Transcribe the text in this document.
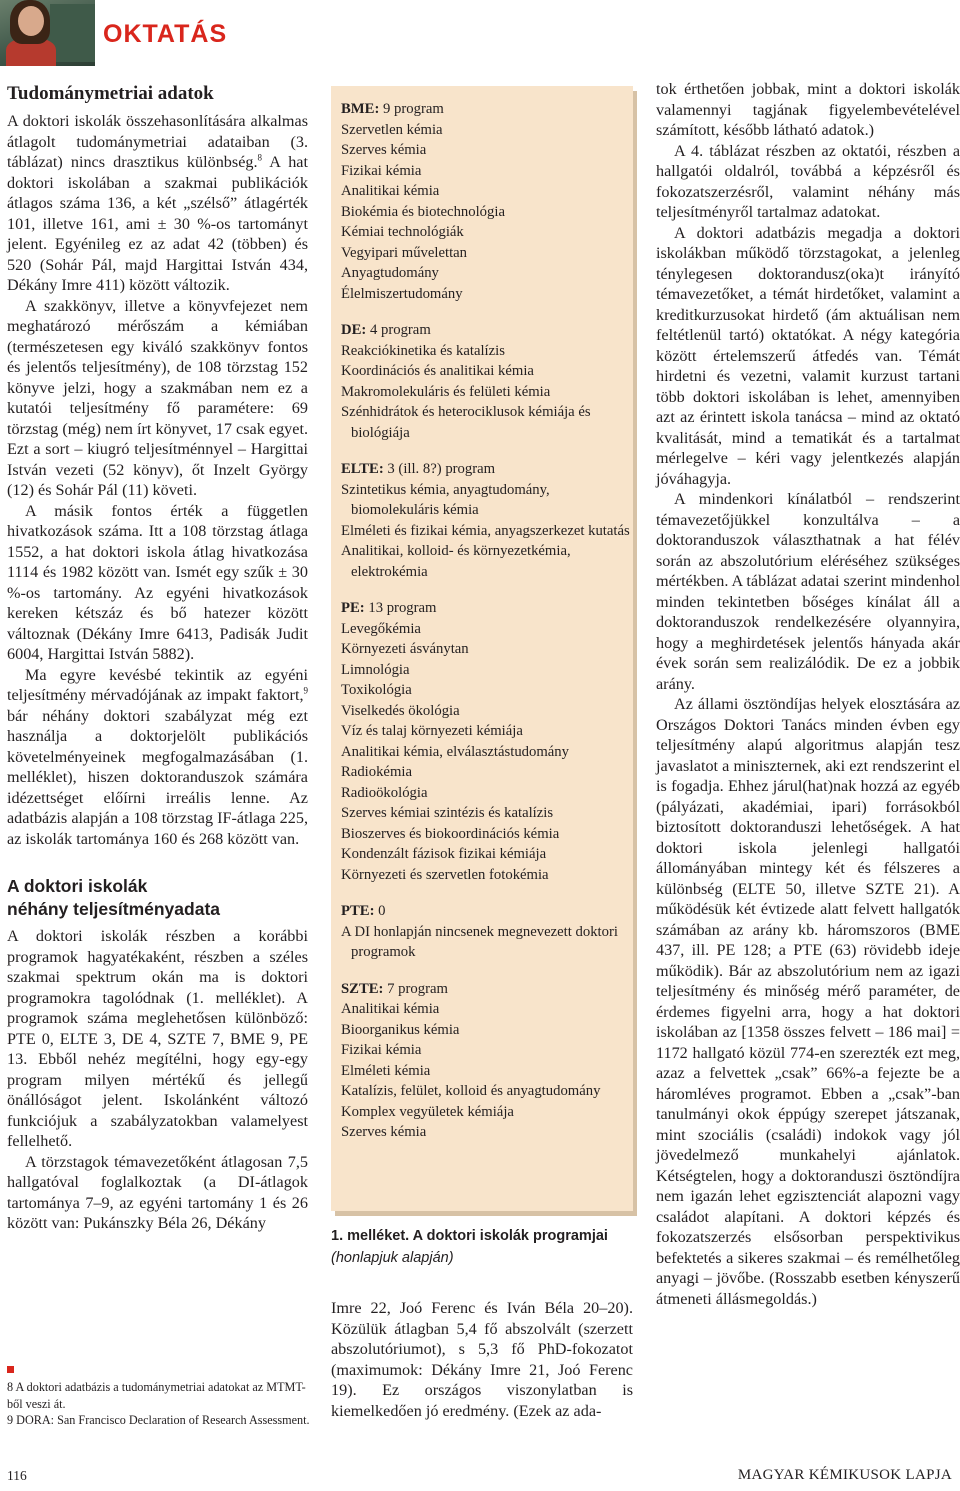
OKTATÁS
Tudománymetriai adatok

A doktori iskolák összehasonlítására alkalmas átlagolt tudománymetriai adataiban (3. táblázat) nincs drasztikus különbség.$^8$ A hat doktori iskolában a szakmai publikációk átlagos száma 136, a két „szélső” átlagérték 101, illetve 161, ami ± 30 %-os tartományt jelent. Egyénileg ez az adat 42 (többen) és 520 (Sohár Pál, majd Hargittai István 434, Dékány Imre 411) között változik.

A szakkönyv, illetve a könyvfejezet nem meghatározó mérőszám a kémiában (természetesen egy kiváló szakkönyv fontos és jelentős teljesítmény), de 108 törzstag 152 könyve jelzi, hogy a szakmában nem ez a kutatói teljesítmény fő paramétere: 69 törzstag (még) nem írt könyvet, 17 csak egyet. Ezt a sort – kiugró teljesítménnyel – Hargittai István vezeti (52 könyv), őt Inzelt György (12) és Sohár Pál (11) követi.

A másik fontos érték a független hivatkozások száma. Itt a 108 törzstag átlaga 1552, a hat doktori iskola átlag hivatkozása 1114 és 1982 között van. Ismét egy szűk ± 30 %-os tartomány. Az egyéni hivatkozások kereken kétszáz és bő hatezer között változnak (Dékány Imre 6413, Padisák Judit 6004, Hargittai István 5882).

Ma egyre kevésbé tekintik az egyéni teljesítmény mérvadójának az impakt faktort,$^9$ bár néhány doktori szabályzat még ezt használja a doktorjelölt publikációs követelményeinek megfogalmazásában (1. melléklet), hiszen doktoranduszok számára idézettséget előírni irreális lenne. Az adatbázis alapján a 108 törzstag IF-átlaga 225, az iskolák tartománya 160 és 268 között van.

A doktori iskolák
néhány teljesítményadata

A doktori iskolák részben a korábbi programok hagyatékaként, részben a széles szakmai spektrum okán ma is doktori programokra tagolódnak (1. melléklet). A programok száma meglehetősen különböző: PTE 0, ELTE 3, DE 4, SZTE 7, BME 9, PE 13. Ebből nehéz megítélni, hogy egy-egy program milyen mértékű és jellegű önállóságot jelent. Iskolánként változó funkciójuk a szabályzatokban valamelyest fellelhető.

A törzstagok témavezetőként átlagosan 7,5 hallgatóval foglalkoztak (a DI-átlagok tartománya 7–9, az egyéni tartomány 1 és 26 között van: Pukánszky Béla 26, Dékány

BME: 9 program
Szervetlen kémia
Szerves kémia
Fizikai kémia
Analitikai kémia
Biokémia és biotechnológia
Kémiai technológiák
Vegyipari művelettan
Anyagtudomány
Élelmiszertudomány
DE: 4 program
Reakciókinetika és katalízis
Koordinációs és analitikai kémia
Makromolekuláris és felületi kémia
Szénhidrátok és heterociklusok kémiája és biológiája
ELTE: 3 (ill. 8?) program
Szintetikus kémia, anyagtudomány, biomolekuláris kémia
Elméleti és fizikai kémia, anyagszerkezet kutatás
Analitikai, kolloid- és környezetkémia, elektrokémia
PE: 13 program
Levegőkémia
Környezeti ásványtan
Limnológia
Toxikológia
Viselkedés ökológia
Víz és talaj környezeti kémiája
Analitikai kémia, elválasztástudomány
Radiokémia
Radioökológia
Szerves kémiai szintézis és katalízis
Bioszerves és biokoordinációs kémia
Kondenzált fázisok fizikai kémiája
Környezeti és szervetlen fotokémia
PTE: 0
A DI honlapján nincsenek megnevezett doktori programok
SZTE: 7 program
Analitikai kémia
Bioorganikus kémia
Fizikai kémia
Elméleti kémia
Katalízis, felület, kolloid és anyagtudomány
Komplex vegyületek kémiája
Szerves kémia
1. melléket. A doktori iskolák programjai
(honlapjuk alapján)

Imre 22, Joó Ferenc és Iván Béla 20–20). Közülük átlagban 5,4 fő abszolvált (szerzett abszolutóriumot), s 5,3 fő PhD-fokozatot (maximumok: Dékány Imre 21, Joó Ferenc 19). Ez országos viszonylatban is kiemelkedően jó eredmény. (Ezek az ada-

tok érthetően jobbak, mint a doktori iskolák valamennyi tagjának figyelembevételével számított, később látható adatok.)

A 4. táblázat részben az oktatói, részben a hallgatói oldalról, továbbá a képzésről és fokozatszerzésről, valamint néhány más teljesítményről tartalmaz adatokat.

A doktori adatbázis megadja a doktori iskolákban működő törzstagokat, a jelenleg ténylegesen doktorandusz(oka)t irányító témavezetőket, a témát hirdetőket, valamint a kreditkurzusokat hirdető (ám aktuálisan nem feltétlenül tartó) oktatókat. A négy kategória között értelemszerű átfedés van. Témát hirdetni és vezetni, valamit kurzust tartani több doktori iskolában is lehet, amennyiben azt az érintett iskola tanácsa – mind az oktató kvalitását, mind a tematikát és a tartalmat mérlegelve – kéri vagy jelentkezés alapján jóváhagyja.

A mindenkori kínálatból – rendszerint témavezetőjükkel konzultálva – a doktoranduszok választhatnak a hat félév során az abszolutórium eléréséhez szükséges mértékben. A táblázat adatai szerint mindenhol minden tekintetben bőséges kínálat áll a doktoranduszok rendelkezésére olyannyira, hogy a meghirdetések jelentős hányada akár évek során sem realizálódik. De ez a jobbik arány.

Az állami ösztöndíjas helyek elosztására az Országos Doktori Tanács minden évben egy teljesítmény alapú algoritmus alapján tesz javaslatot a miniszternek, aki ezt rendszerint el is fogadja. Ehhez járul(hat)nak hozzá az egyéb (pályázati, akadémiai, ipari) forrásokból biztosított doktoranduszi lehetőségek. A hat doktori iskola jelenlegi hallgatói állományában mintegy két és félszeres a különbség (ELTE 50, illetve SZTE 21). A működésük két évtizede alatt felvett hallgatók számában az arány kb. háromszoros (BME 437, ill. PE 128; a PTE (63) rövidebb ideje működik). Bár az abszolutórium nem az igazi teljesítmény és minőség mérő paraméter, de érdemes figyelni arra, hogy a hat doktori iskolában az [1358 összes felvett – 186 mai] = 1172 hallgató közül 774-en szerezték ezt meg, azaz a felvettek „csak” 66%-a fejezte be a háromléves programot. Ebben a „csak”-ban tanulmányi okok éppúgy szerepet játszanak, mint szociális (családi) indokok vagy jól jövedelmező munkahelyi ajánlatok. Kétségtelen, hogy a doktoranduszi ösztöndíjra nem igazán lehet egzisztenciát alapozni vagy családot alapítani. A doktori képzés és fokozatszerzés elsősorban perspektivikus befektetés a sikeres szakmai – és remélhetőleg anyagi – jövőbe. (Rosszabb esetben kényszerű átmeneti állásmegoldás.)

8 A doktori adatbázis a tudománymetriai adatokat az MTMT-ből veszi át.

9 DORA: San Francisco Declaration of Research Assessment.

116	MAGYAR KÉMIKUSOK LAPJA
